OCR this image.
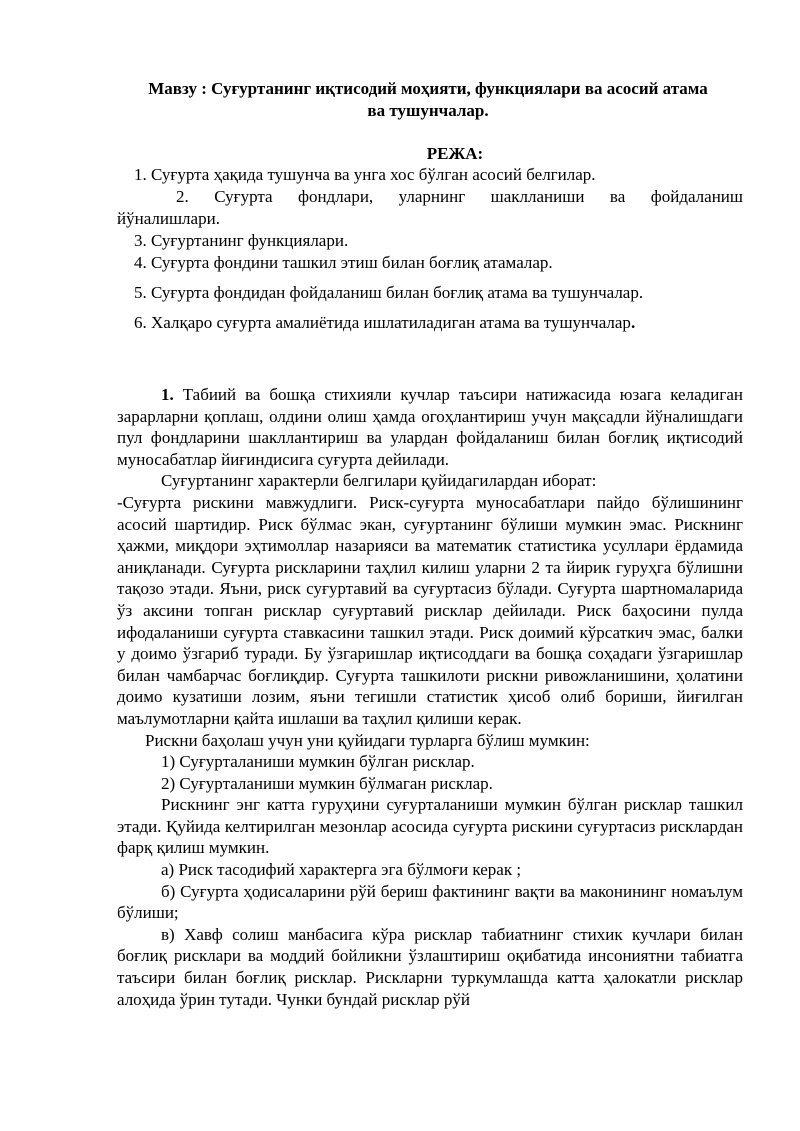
Мавзу : Суғуртанинг иқтисодий моҳияти, функциялари ва асосий атама
ва тушунчалар.
РЕЖА:
1. Суғурта ҳақида тушунча ва унга хос бўлган асосий белгилар.
2. Суғурта фондлари, уларнинг шаклланиши ва фойдаланиш
йўналишлари.
3. Суғуртанинг функциялари.
4. Суғурта фондини ташкил этиш билан боғлиқ атамалар.
5. Суғурта фондидан фойдаланиш билан боғлиқ атама ва тушунчалар.
6. Халқаро суғурта амалиётида ишлатиладиган атама ва тушунчалар.

1. Табиий ва бошқа стихияли кучлар таъсири натижасида юзага келадиган зарарларни қоплаш, олдини олиш ҳамда огоҳлантириш учун мақсадли йўналишдаги пул фондларини шакллантириш ва улардан фойдаланиш билан боғлиқ иқтисодий муносабатлар йиғиндисига суғурта дейилади.

Суғуртанинг характерли белгилари қуйидагилардан иборат:

-Суғурта рискини мавжудлиги. Риск-суғурта муносабатлари пайдо бўлишининг асосий шартидир. Риск бўлмас экан, суғуртанинг бўлиши мумкин эмас. Рискнинг ҳажми, миқдори эҳтимоллар назарияси ва математик статистика усуллари ёрдамида аниқланади. Суғурта рискларини таҳлил килиш уларни 2 та йирик гуруҳга бўлишни тақозо этади. Яъни, риск суғуртавий ва суғуртасиз бўлади. Суғурта шартномаларида ўз аксини топган рисклар суғуртавий рисклар дейилади. Риск баҳосини пулда ифодаланиши суғурта ставкасини ташкил этади. Риск доимий кўрсаткич эмас, балки у доимо ўзгариб туради. Бу ўзгаришлар иқтисоддаги ва бошқа соҳадаги ўзгаришлар билан чамбарчас боғлиқдир. Суғурта ташкилоти рискни ривожланишини, ҳолатини доимо кузатиши лозим, яъни тегишли статистик ҳисоб олиб бориши, йиғилган маълумотларни қайта ишлаши ва таҳлил қилиши керак.

Рискни баҳолаш учун уни қуйидаги турларга бўлиш мумкин:

1) Суғурталаниши мумкин бўлган рисклар.

2) Суғурталаниши мумкин бўлмаган рисклар.

Рискнинг энг катта гуруҳини суғурталаниши мумкин бўлган рисклар ташкил этади. Қуйида келтирилган мезонлар асосида суғурта рискини суғуртасиз рисклардан фарқ қилиш мумкин.

а) Риск тасодифий характерга эга бўлмоғи керак ;

б) Суғурта ҳодисаларини рўй бериш фактининг вақти ва маконининг номаълум бўлиши;

в) Хавф солиш манбасига кўра рисклар табиатнинг стихик кучлари билан боғлиқ рисклари ва моддий бойликни ўзлаштириш оқибатида инсониятни табиатга таъсири билан боғлиқ рисклар. Рискларни туркумлашда катта ҳалокатли рисклар алоҳида ўрин тутади. Чунки бундай рисклар рўй
